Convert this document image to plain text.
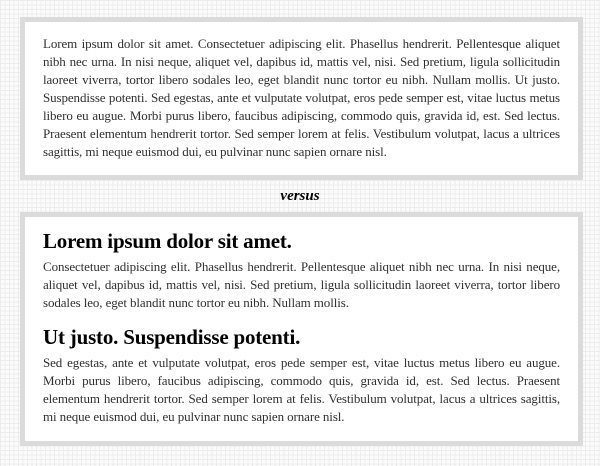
Lorem ipsum dolor sit amet. Consectetuer adipiscing elit. Phasellus hendrerit. Pellentesque aliquet nibh nec urna. In nisi neque, aliquet vel, dapibus id, mattis vel, nisi. Sed pretium, ligula sollicitudin laoreet viverra, tortor libero sodales leo, eget blandit nunc tortor eu nibh. Nullam mollis. Ut justo. Suspendisse potenti. Sed egestas, ante et vulputate volutpat, eros pede semper est, vitae luctus metus libero eu augue. Morbi purus libero, faucibus adipiscing, commodo quis, gravida id, est. Sed lectus. Praesent elementum hendrerit tortor. Sed semper lorem at felis. Vestibulum volutpat, lacus a ultrices sagittis, mi neque euismod dui, eu pulvinar nunc sapien ornare nisl.

versus
Lorem ipsum dolor sit amet.

Consectetuer adipiscing elit. Phasellus hendrerit. Pellentesque aliquet nibh nec urna. In nisi neque, aliquet vel, dapibus id, mattis vel, nisi. Sed pretium, ligula sollicitudin laoreet viverra, tortor libero sodales leo, eget blandit nunc tortor eu nibh. Nullam mollis.

Ut justo. Suspendisse potenti.

Sed egestas, ante et vulputate volutpat, eros pede semper est, vitae luctus metus libero eu augue. Morbi purus libero, faucibus adipiscing, commodo quis, gravida id, est. Sed lectus. Praesent elementum hendrerit tortor. Sed semper lorem at felis. Vestibulum volutpat, lacus a ultrices sagittis, mi neque euismod dui, eu pulvinar nunc sapien ornare nisl.
